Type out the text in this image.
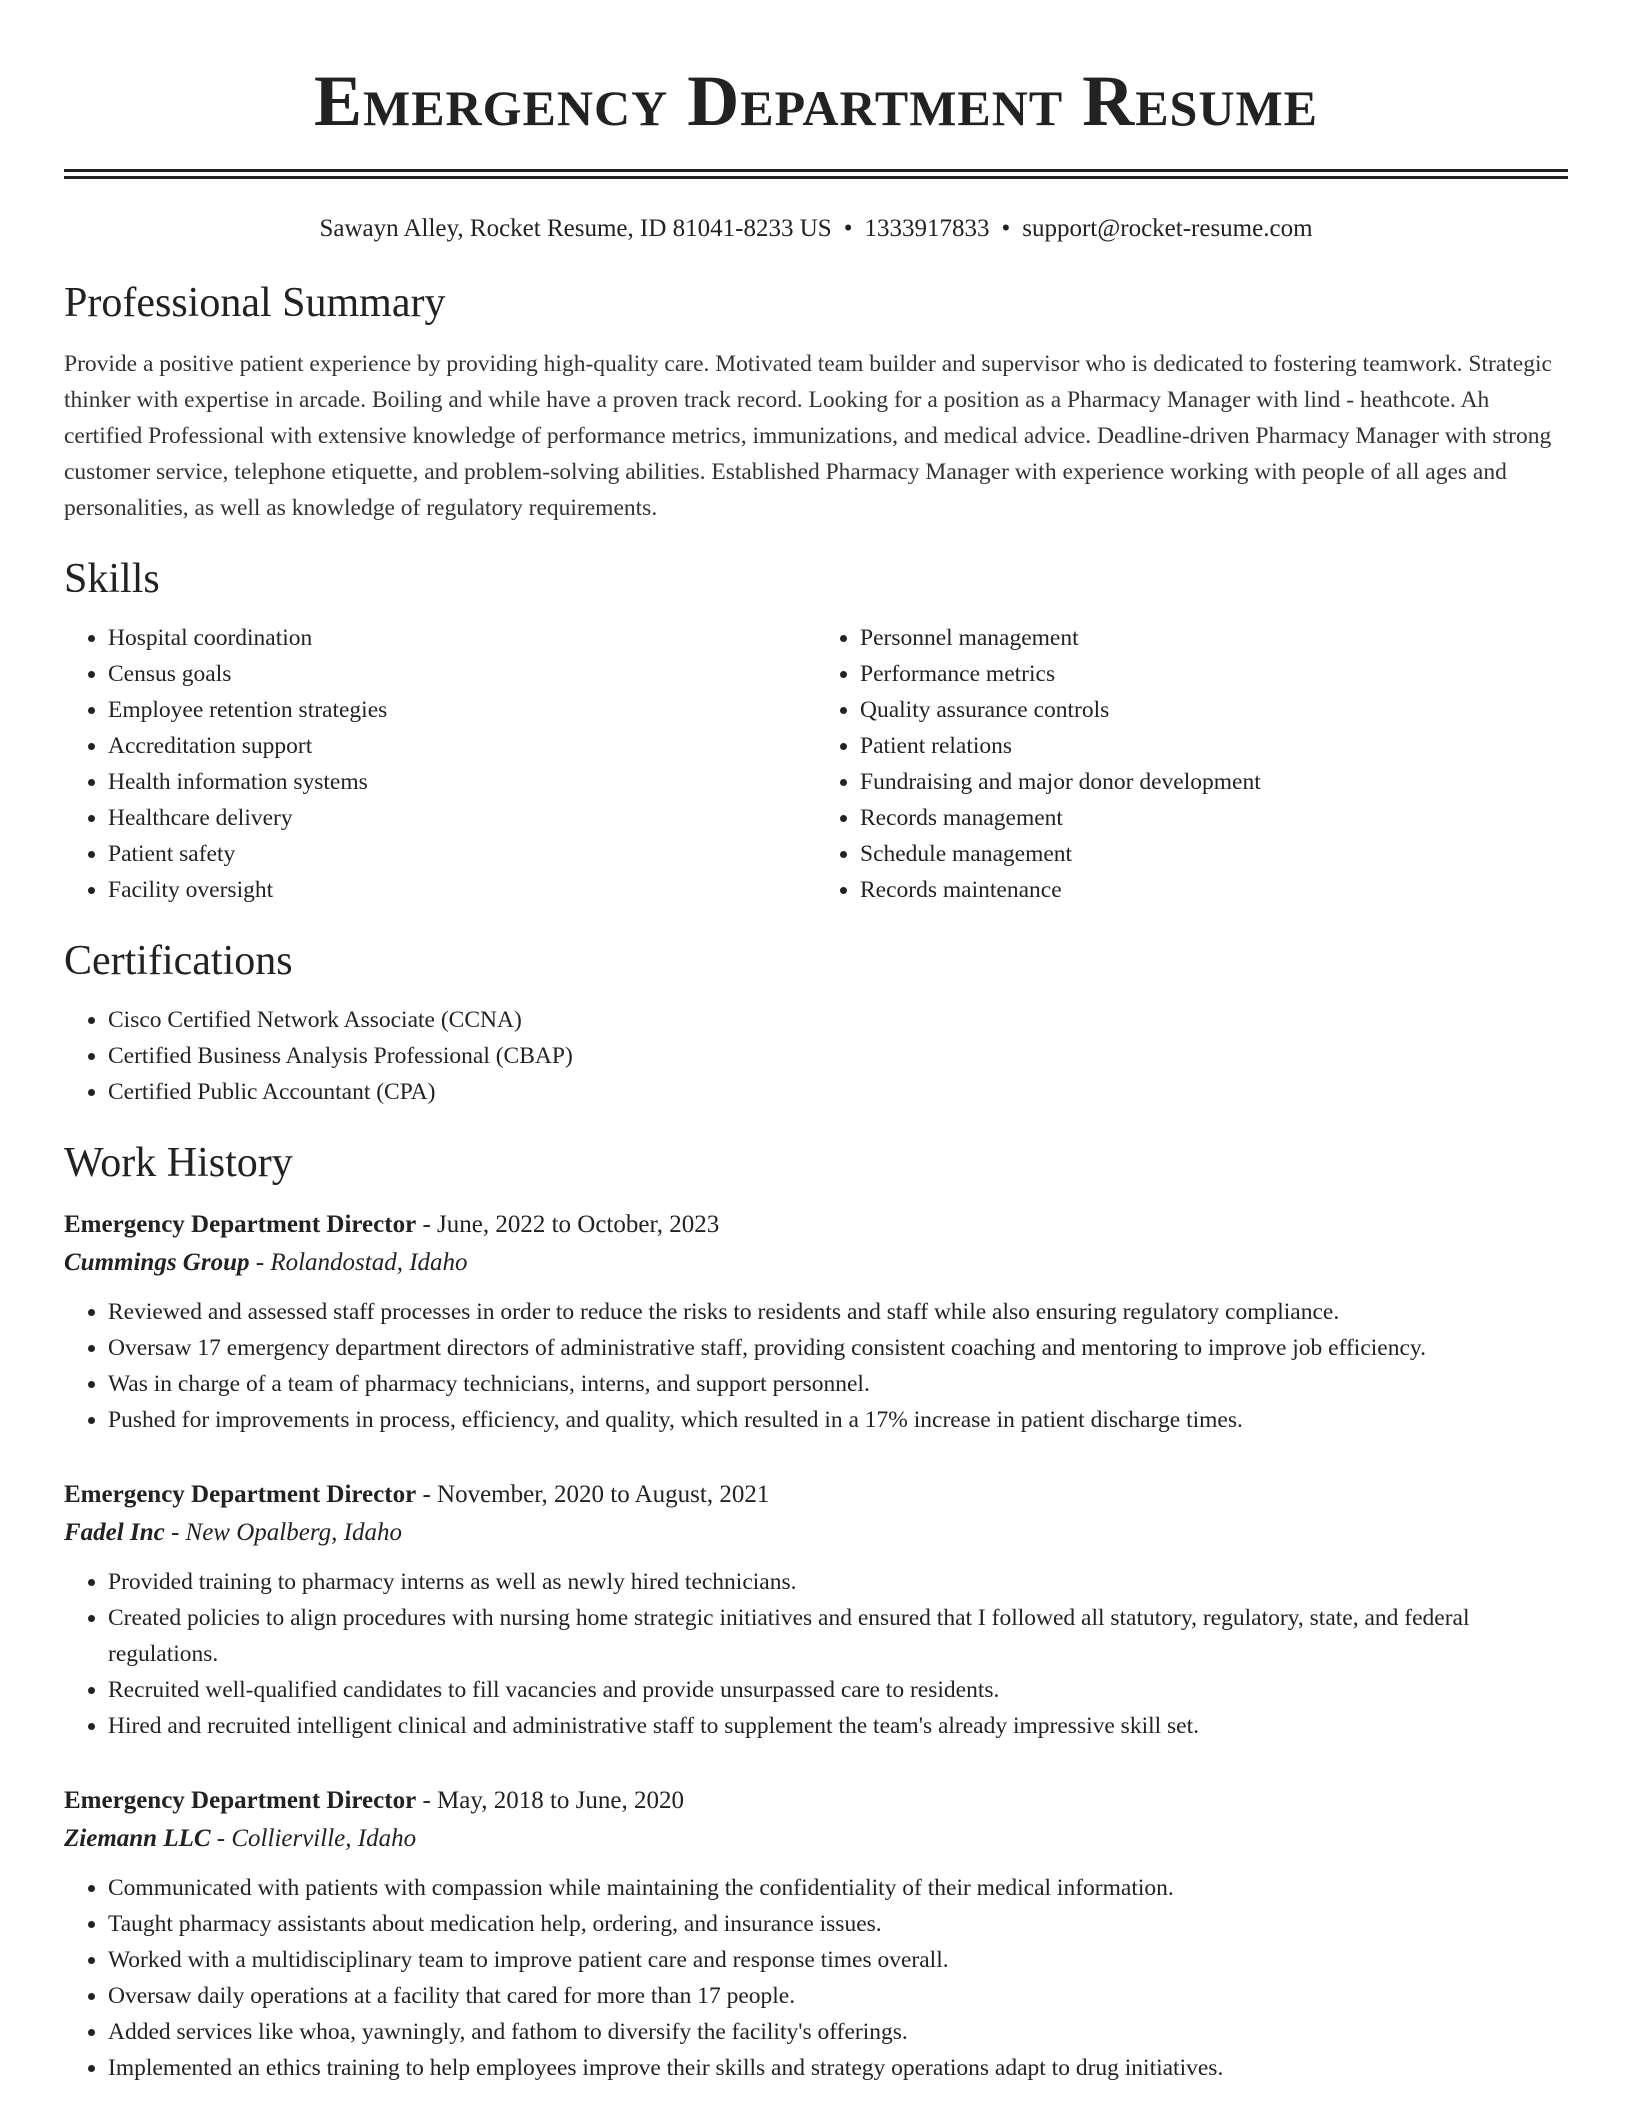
Emergency Department Resume
Sawayn Alley, Rocket Resume, ID 81041-8233 US • 1333917833 • support@rocket-resume.com
Professional Summary

Provide a positive patient experience by providing high-quality care. Motivated team builder and supervisor who is dedicated to fostering teamwork. Strategic thinker with expertise in arcade. Boiling and while have a proven track record. Looking for a position as a Pharmacy Manager with lind - heathcote. Ah certified Professional with extensive knowledge of performance metrics, immunizations, and medical advice. Deadline-driven Pharmacy Manager with strong customer service, telephone etiquette, and problem-solving abilities. Established Pharmacy Manager with experience working with people of all ages and personalities, as well as knowledge of regulatory requirements.

Skills
• Hospital coordination
• Census goals
• Employee retention strategies
• Accreditation support
• Health information systems
• Healthcare delivery
• Patient safety
• Facility oversight
• Personnel management
• Performance metrics
• Quality assurance controls
• Patient relations
• Fundraising and major donor development
• Records management
• Schedule management
• Records maintenance
Certifications
• Cisco Certified Network Associate (CCNA)
• Certified Business Analysis Professional (CBAP)
• Certified Public Accountant (CPA)
Work History
Emergency Department Director - June, 2022 to October, 2023
Cummings Group - Rolandostad, Idaho
• Reviewed and assessed staff processes in order to reduce the risks to residents and staff while also ensuring regulatory compliance.
• Oversaw 17 emergency department directors of administrative staff, providing consistent coaching and mentoring to improve job efficiency.
• Was in charge of a team of pharmacy technicians, interns, and support personnel.
• Pushed for improvements in process, efficiency, and quality, which resulted in a 17% increase in patient discharge times.
Emergency Department Director - November, 2020 to August, 2021
Fadel Inc - New Opalberg, Idaho
• Provided training to pharmacy interns as well as newly hired technicians.
• Created policies to align procedures with nursing home strategic initiatives and ensured that I followed all statutory, regulatory, state, and federal regulations.
• Recruited well-qualified candidates to fill vacancies and provide unsurpassed care to residents.
• Hired and recruited intelligent clinical and administrative staff to supplement the team's already impressive skill set.
Emergency Department Director - May, 2018 to June, 2020
Ziemann LLC - Collierville, Idaho
• Communicated with patients with compassion while maintaining the confidentiality of their medical information.
• Taught pharmacy assistants about medication help, ordering, and insurance issues.
• Worked with a multidisciplinary team to improve patient care and response times overall.
• Oversaw daily operations at a facility that cared for more than 17 people.
• Added services like whoa, yawningly, and fathom to diversify the facility's offerings.
• Implemented an ethics training to help employees improve their skills and strategy operations adapt to drug initiatives.
